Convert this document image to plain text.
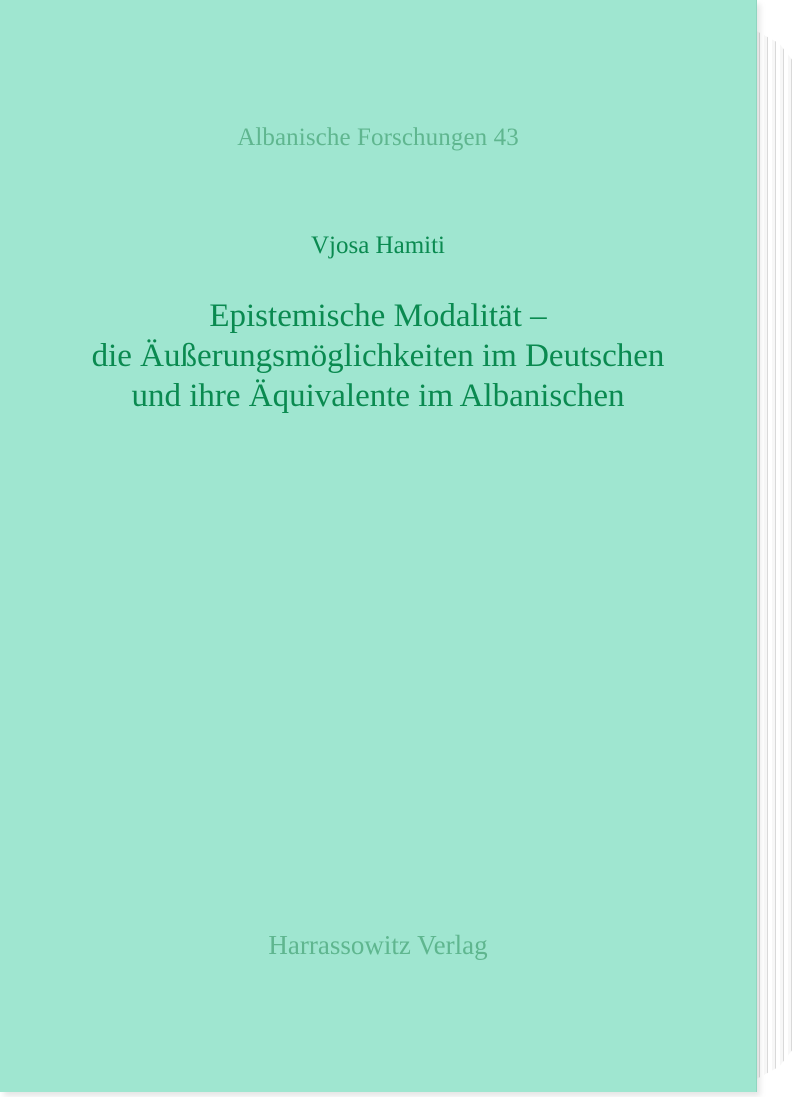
Albanische Forschungen 43
Vjosa Hamiti
Epistemische Modalität –
die Äußerungsmöglichkeiten im Deutschen
und ihre Äquivalente im Albanischen
Harrassowitz Verlag
